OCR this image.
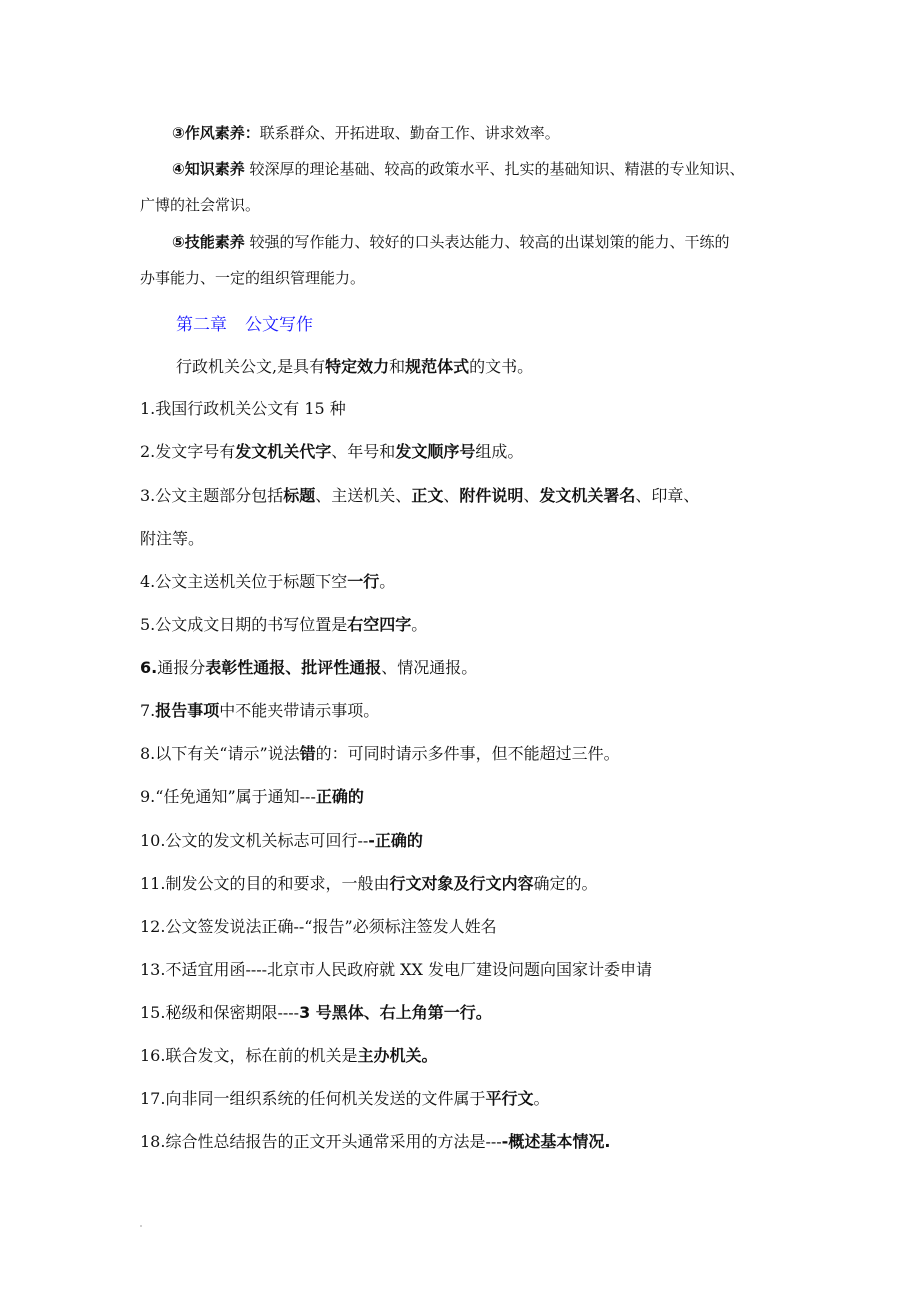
③作风素养：联系群众、开拓进取、勤奋工作、讲求效率。
④知识素养 较深厚的理论基础、较高的政策水平、扎实的基础知识、精湛的专业知识、
广博的社会常识。
⑤技能素养 较强的写作能力、较好的口头表达能力、较高的出谋划策的能力、干练的
办事能力、一定的组织管理能力。
第二章 公文写作
行政机关公文,是具有特定效力和规范体式的文书。
1.我国行政机关公文有 15 种
2.发文字号有发文机关代字、年号和发文顺序号组成。
3.公文主题部分包括标题、主送机关、正文、附件说明、发文机关署名、印章、
附注等。
4.公文主送机关位于标题下空一行。
5.公文成文日期的书写位置是右空四字。
6.通报分表彰性通报、批评性通报、情况通报。
7.报告事项中不能夹带请示事项。
8.以下有关“请示”说法错的：可同时请示多件事，但不能超过三件。
9.“任免通知”属于通知---正确的
10.公文的发文机关标志可回行---正确的
11.制发公文的目的和要求，一般由行文对象及行文内容确定的。
12.公文签发说法正确--“报告”必须标注签发人姓名
13.不适宜用函----北京市人民政府就 XX 发电厂建设问题向国家计委申请
15.秘级和保密期限----3 号黑体、右上角第一行。
16.联合发文，标在前的机关是主办机关。
17.向非同一组织系统的任何机关发送的文件属于平行文。
18.综合性总结报告的正文开头通常采用的方法是----概述基本情况.
